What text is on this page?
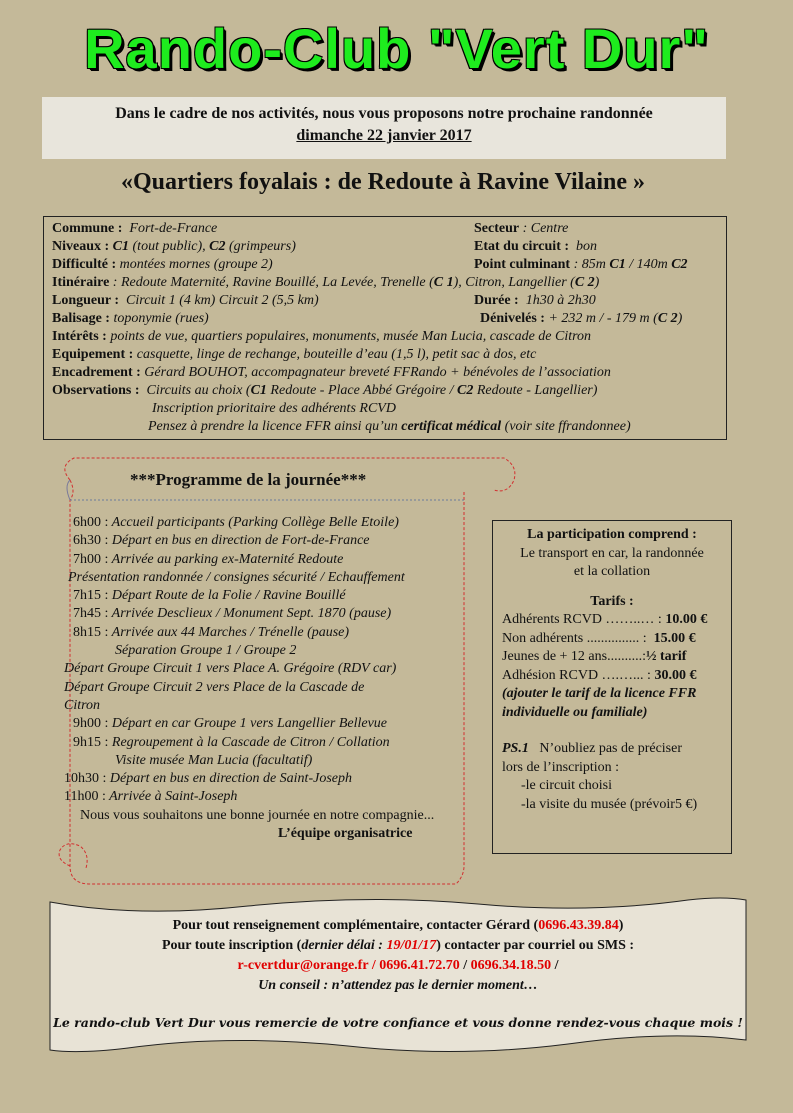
Rando-Club "Vert Dur"
Dans le cadre de nos activités, nous vous proposons notre prochaine randonnée
dimanche 22 janvier 2017
«Quartiers foyalais : de Redoute à Ravine Vilaine »
Commune : Fort-de-France	Secteur : Centre
Niveaux : C1 (tout public), C2 (grimpeurs)	Etat du circuit : bon
Difficulté : montées mornes (groupe 2)	Point culminant : 85m C1 / 140m C2
Itinéraire : Redoute Maternité, Ravine Bouillé, La Levée, Trenelle (C 1), Citron, Langellier (C 2)
Longueur : Circuit 1 (4 km) Circuit 2 (5,5 km)	Durée : 1h30 à 2h30
Balisage : toponymie (rues)	Dénivelés : + 232 m / - 179 m (C 2)
Intérêts : points de vue, quartiers populaires, monuments, musée Man Lucia, cascade de Citron
Equipement : casquette, linge de rechange, bouteille d’eau (1,5 l), petit sac à dos, etc
Encadrement : Gérard BOUHOT, accompagnateur breveté FFRando + bénévoles de l’association
Observations : Circuits au choix (C1 Redoute - Place Abbé Grégoire / C2 Redoute - Langellier)
Inscription prioritaire des adhérents RCVD
Pensez à prendre la licence FFR ainsi qu’un certificat médical (voir site ffrandonnee)
***Programme de la journée***
6h00 : Accueil participants (Parking Collège Belle Etoile)
6h30 : Départ en bus en direction de Fort-de-France
7h00 : Arrivée au parking ex-Maternité Redoute
Présentation randonnée / consignes sécurité / Echauffement
7h15 : Départ Route de la Folie / Ravine Bouillé
7h45 : Arrivée Desclieux / Monument Sept. 1870 (pause)
8h15 : Arrivée aux 44 Marches / Trénelle (pause)
Séparation Groupe 1 / Groupe 2
Départ Groupe Circuit 1 vers Place A. Grégoire (RDV car)
Départ Groupe Circuit 2 vers Place de la Cascade de
Citron
9h00 : Départ en car Groupe 1 vers Langellier Bellevue
9h15 : Regroupement à la Cascade de Citron / Collation
Visite musée Man Lucia (facultatif)
10h30 : Départ en bus en direction de Saint-Joseph
11h00 : Arrivée à Saint-Joseph
Nous vous souhaitons une bonne journée en notre compagnie...
L’équipe organisatrice
La participation comprend :
Le transport en car, la randonnée
et la collation
Tarifs :
Adhérents RCVD ……..… : 10.00 €
Non adhérents ............... : 15.00 €
Jeunes de + 12 ans..........:½ tarif
Adhésion RCVD ….…... : 30.00 €
(ajouter le tarif de la licence FFR
individuelle ou familiale)
PS.1 N’oubliez pas de préciser
lors de l’inscription :
-le circuit choisi
-la visite du musée (prévoir5 €)
Pour tout renseignement complémentaire, contacter Gérard (0696.43.39.84)
Pour toute inscription (dernier délai : 19/01/17) contacter par courriel ou SMS :
r-cvertdur@orange.fr / 0696.41.72.70 / 0696.34.18.50 /
Un conseil : n’attendez pas le dernier moment…
Le rando-club Vert Dur vous remercie de votre confiance et vous donne rendez-vous chaque mois !
